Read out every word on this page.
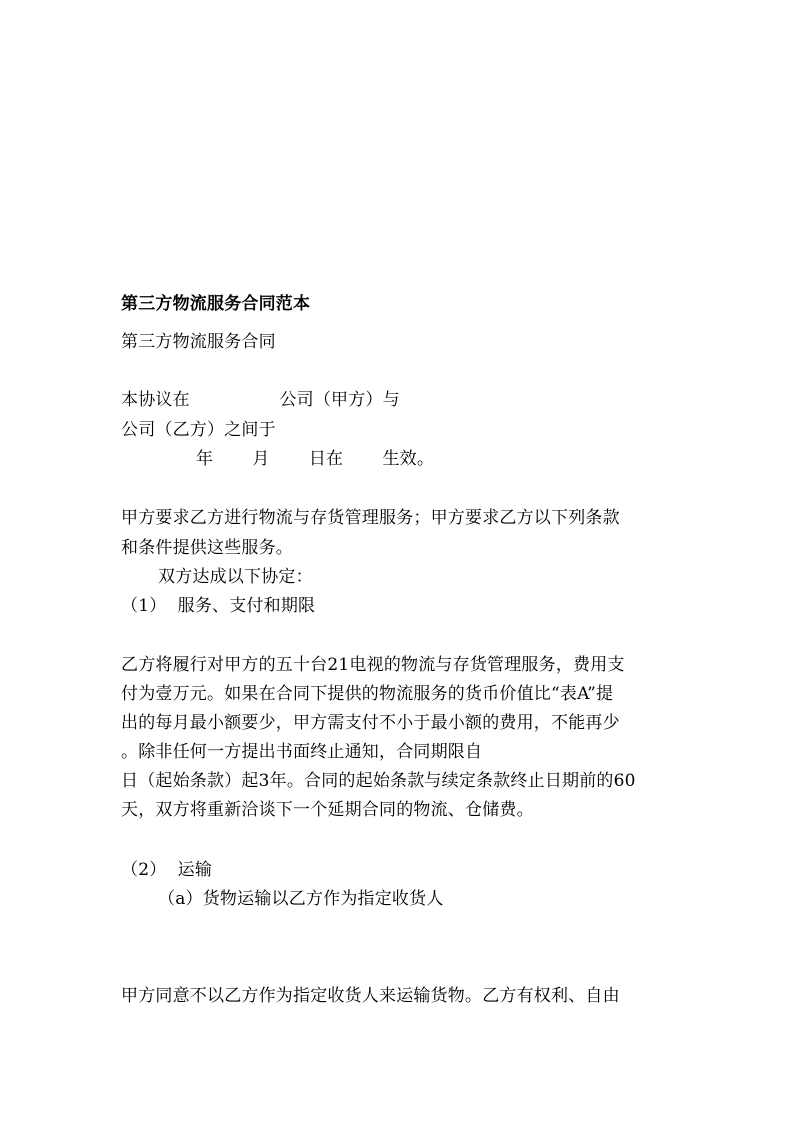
第三方物流服务合同范本
第三方物流服务合同
本协议在                公司（甲方）与
公司（乙方）之间于
年       月       日在       生效。
甲方要求乙方进行物流与存货管理服务；甲方要求乙方以下列条款
和条件提供这些服务。
双方达成以下协定：
（1）  服务、支付和期限
乙方将履行对甲方的五十台21电视的物流与存货管理服务，费用支
付为壹万元。如果在合同下提供的物流服务的货币价值比“表A”提
出的每月最小额要少，甲方需支付不小于最小额的费用，不能再少
。除非任何一方提出书面终止通知，合同期限自
日（起始条款）起3年。合同的起始条款与续定条款终止日期前的60
天，双方将重新洽谈下一个延期合同的物流、仓储费。
（2）  运输
（a）货物运输以乙方作为指定收货人
甲方同意不以乙方作为指定收货人来运输货物。乙方有权利、自由
